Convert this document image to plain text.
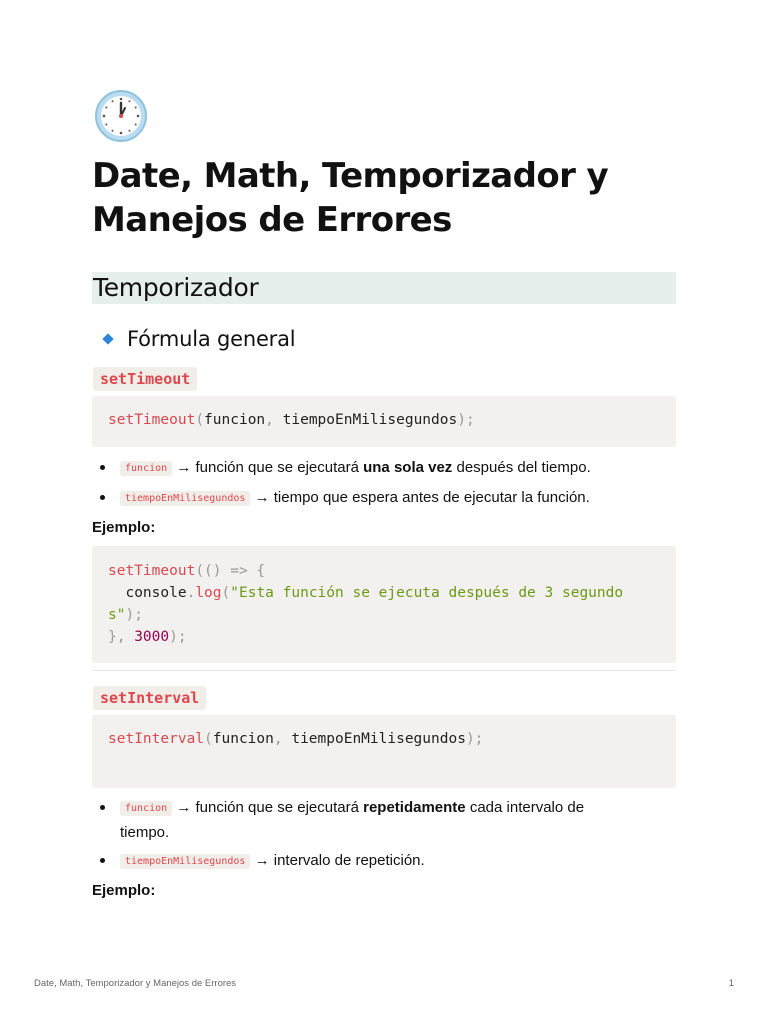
Date, Math, Temporizador y
Manejos de Errores
Temporizador
Fórmula general
setTimeout
setTimeout(funcion, tiempoEnMilisegundos);
funcion → función que se ejecutará una sola vez después del tiempo.
tiempoEnMilisegundos → tiempo que espera antes de ejecutar la función.
Ejemplo:
setTimeout(() => {
console.log("Esta función se ejecuta después de 3 segundo
s");
}, 3000);
setInterval
setInterval(funcion, tiempoEnMilisegundos);
funcion → función que se ejecutará repetidamente cada intervalo de tiempo.
tiempoEnMilisegundos → intervalo de repetición.
Ejemplo:
Date, Math, Temporizador y Manejos de Errores	1
